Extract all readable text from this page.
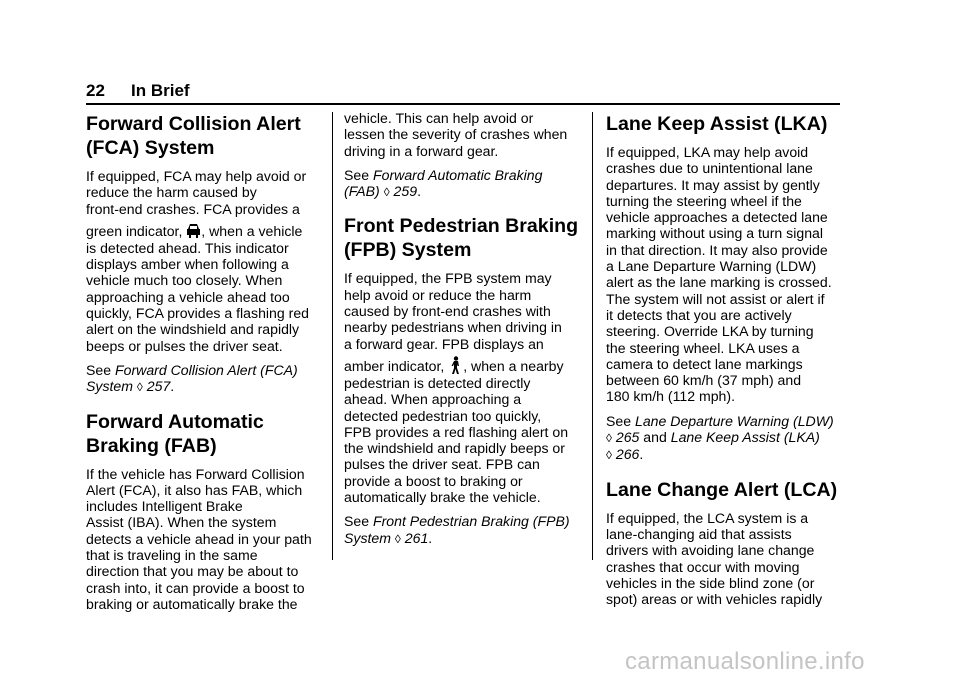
22 In Brief
Forward Collision Alert
(FCA) System

If equipped, FCA may help avoid or
reduce the harm caused by
front-end crashes. FCA provides a
green indicator, , when a vehicle
is detected ahead. This indicator
displays amber when following a
vehicle much too closely. When
approaching a vehicle ahead too
quickly, FCA provides a flashing red
alert on the windshield and rapidly
beeps or pulses the driver seat.

See Forward Collision Alert (FCA)
System ◊ 257.

Forward Automatic
Braking (FAB)

If the vehicle has Forward Collision
Alert (FCA), it also has FAB, which
includes Intelligent Brake
Assist (IBA). When the system
detects a vehicle ahead in your path
that is traveling in the same
direction that you may be about to
crash into, it can provide a boost to
braking or automatically brake the

vehicle. This can help avoid or
lessen the severity of crashes when
driving in a forward gear.

See Forward Automatic Braking
(FAB) ◊ 259.

Front Pedestrian Braking
(FPB) System

If equipped, the FPB system may
help avoid or reduce the harm
caused by front-end crashes with
nearby pedestrians when driving in
a forward gear. FPB displays an
amber indicator, , when a nearby
pedestrian is detected directly
ahead. When approaching a
detected pedestrian too quickly,
FPB provides a red flashing alert on
the windshield and rapidly beeps or
pulses the driver seat. FPB can
provide a boost to braking or
automatically brake the vehicle.

See Front Pedestrian Braking (FPB)
System ◊ 261.

Lane Keep Assist (LKA)

If equipped, LKA may help avoid
crashes due to unintentional lane
departures. It may assist by gently
turning the steering wheel if the
vehicle approaches a detected lane
marking without using a turn signal
in that direction. It may also provide
a Lane Departure Warning (LDW)
alert as the lane marking is crossed.
The system will not assist or alert if
it detects that you are actively
steering. Override LKA by turning
the steering wheel. LKA uses a
camera to detect lane markings
between 60 km/h (37 mph) and
180 km/h (112 mph).

See Lane Departure Warning (LDW)
◊ 265 and Lane Keep Assist (LKA)
◊ 266.

Lane Change Alert (LCA)

If equipped, the LCA system is a
lane-changing aid that assists
drivers with avoiding lane change
crashes that occur with moving
vehicles in the side blind zone (or
spot) areas or with vehicles rapidly

carmanualsonline.info
